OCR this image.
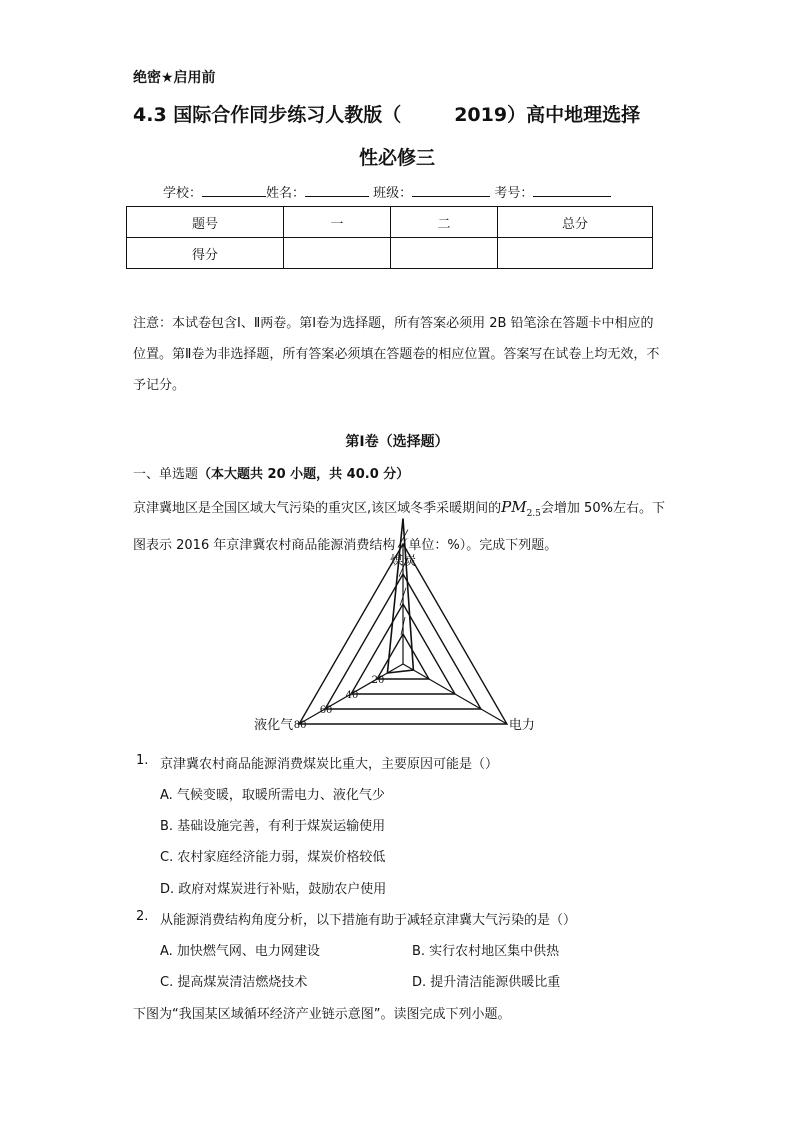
绝密★启用前
4.3 国际合作同步练习人教版（        2019）高中地理选择
性必修三
学校：	姓名：	班级：	考号：
题号	一	二	总分
得分			
注意：本试卷包含Ⅰ、Ⅱ两卷。第Ⅰ卷为选择题，所有答案必须用 2B 铅笔涂在答题卡中相应的位置。第Ⅱ卷为非选择题，所有答案必须填在答题卷的相应位置。答案写在试卷上均无效，不予记分。
第Ⅰ卷（选择题）
一、单选题（本大题共 20 小题，共 40.0 分）
京津冀地区是全国区域大气污染的重灾区,该区域冬季采暖期间的$PM_{2.5}$会增加 50%左右。下图表示 2016 年京津冀农村商品能源消费结构（单位：%）。完成下列题。
20
40
60
80
煤炭
电力
液化气
1. 京津冀农村商品能源消费煤炭比重大，主要原因可能是（）
A. 气候变暖，取暖所需电力、液化气少
B. 基础设施完善，有利于煤炭运输使用
C. 农村家庭经济能力弱，煤炭价格较低
D. 政府对煤炭进行补贴，鼓励农户使用
2. 从能源消费结构角度分析，以下措施有助于减轻京津冀大气污染的是（）
A. 加快燃气网、电力网建设	B. 实行农村地区集中供热
C. 提高煤炭清洁燃烧技术	D. 提升清洁能源供暖比重
下图为“我国某区域循环经济产业链示意图”。读图完成下列小题。
